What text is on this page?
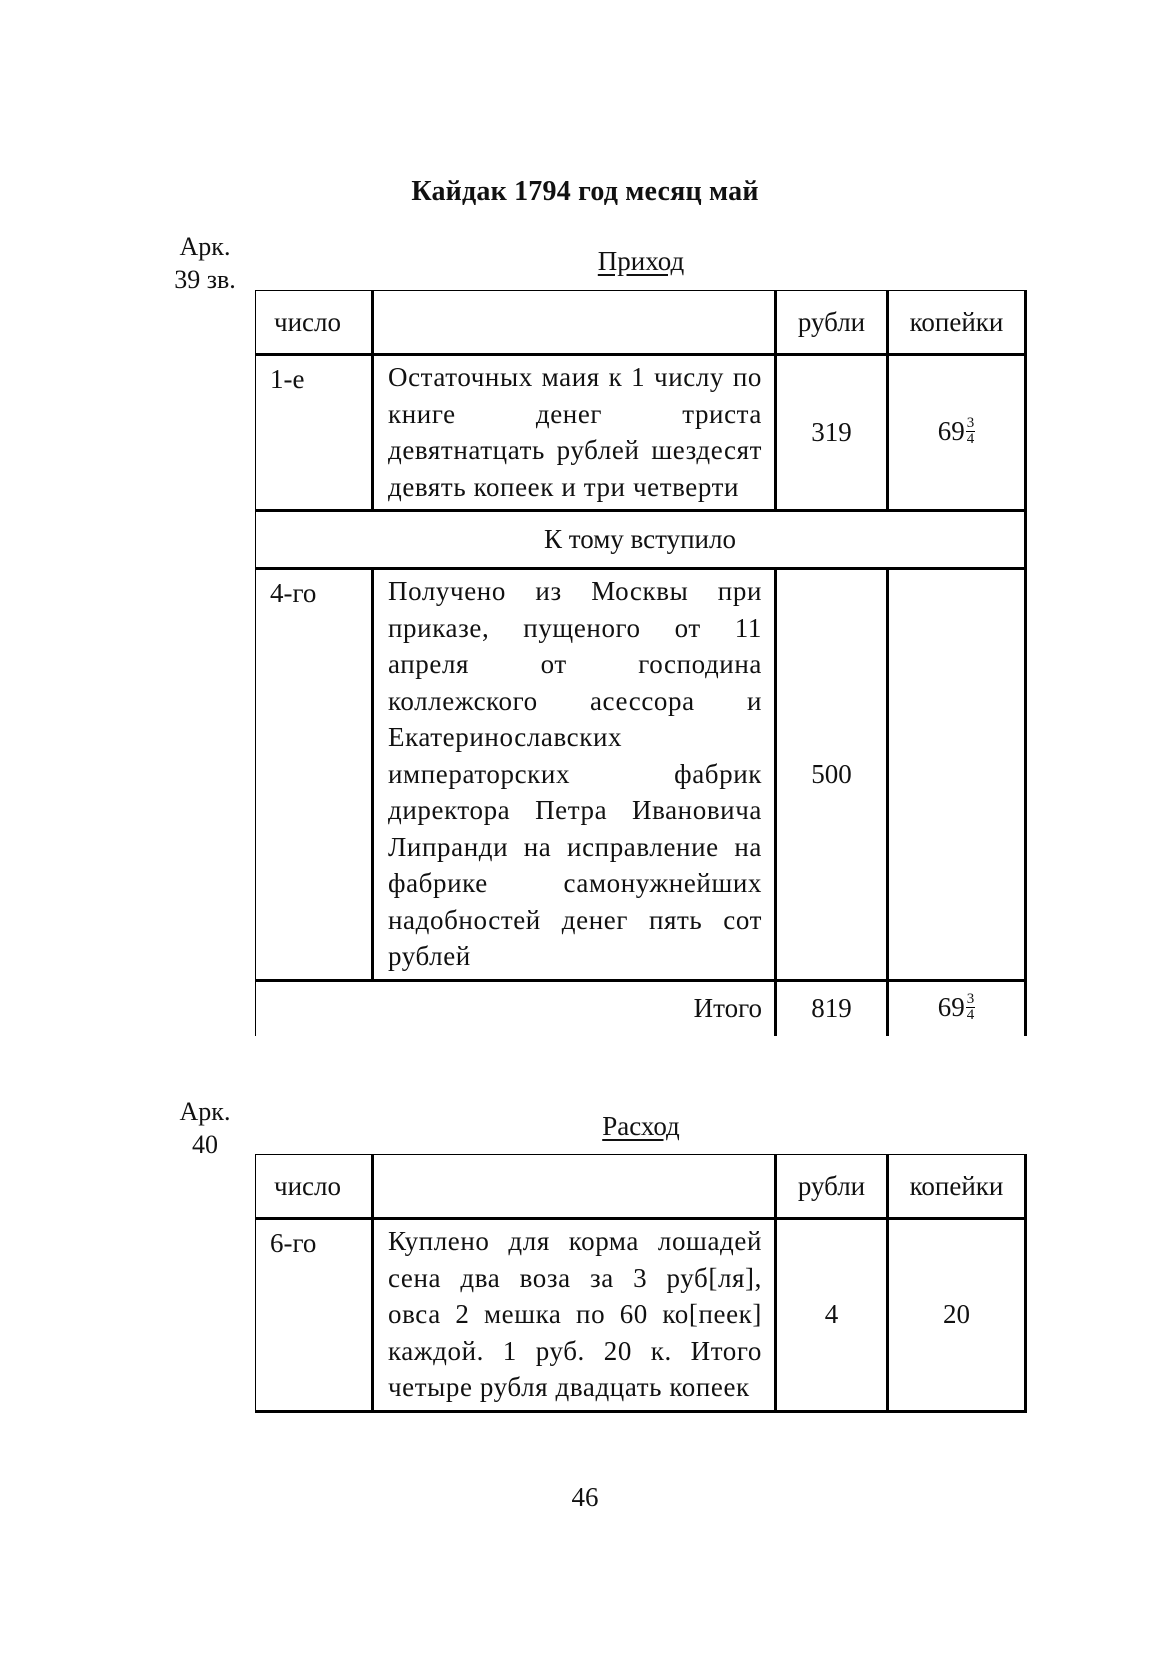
Кайдак 1794 год месяц май
Арк.
39 зв.
Приход
число		рубли	копейки
1-е	Остаточных маия к 1 числу по книге денег триста девятнатцать рублей шездесят девять копеек и три четверти	319	$69 \frac{3}{4}$

К тому вступило			
4-го	Получено из Москвы при приказе, пущеного от 11 апреля от господина коллежского асессора и Екатеринославских императорских фабрик директора Петра Ивановича Липранди на исправление на фабрике самонужнейших надобностей денег пять сот рублей	500	
Итого		819	$69 \frac{3}{4}$
Арк.
40
Расход
число		рубли	копейки
6-го	Куплено для корма лошадей сена два воза за 3 руб[ля], овса 2 мешка по 60 ко[пеек] каждой. 1 руб. 20 к. Итого четыре рубля двадцать копеек	4	20
46
